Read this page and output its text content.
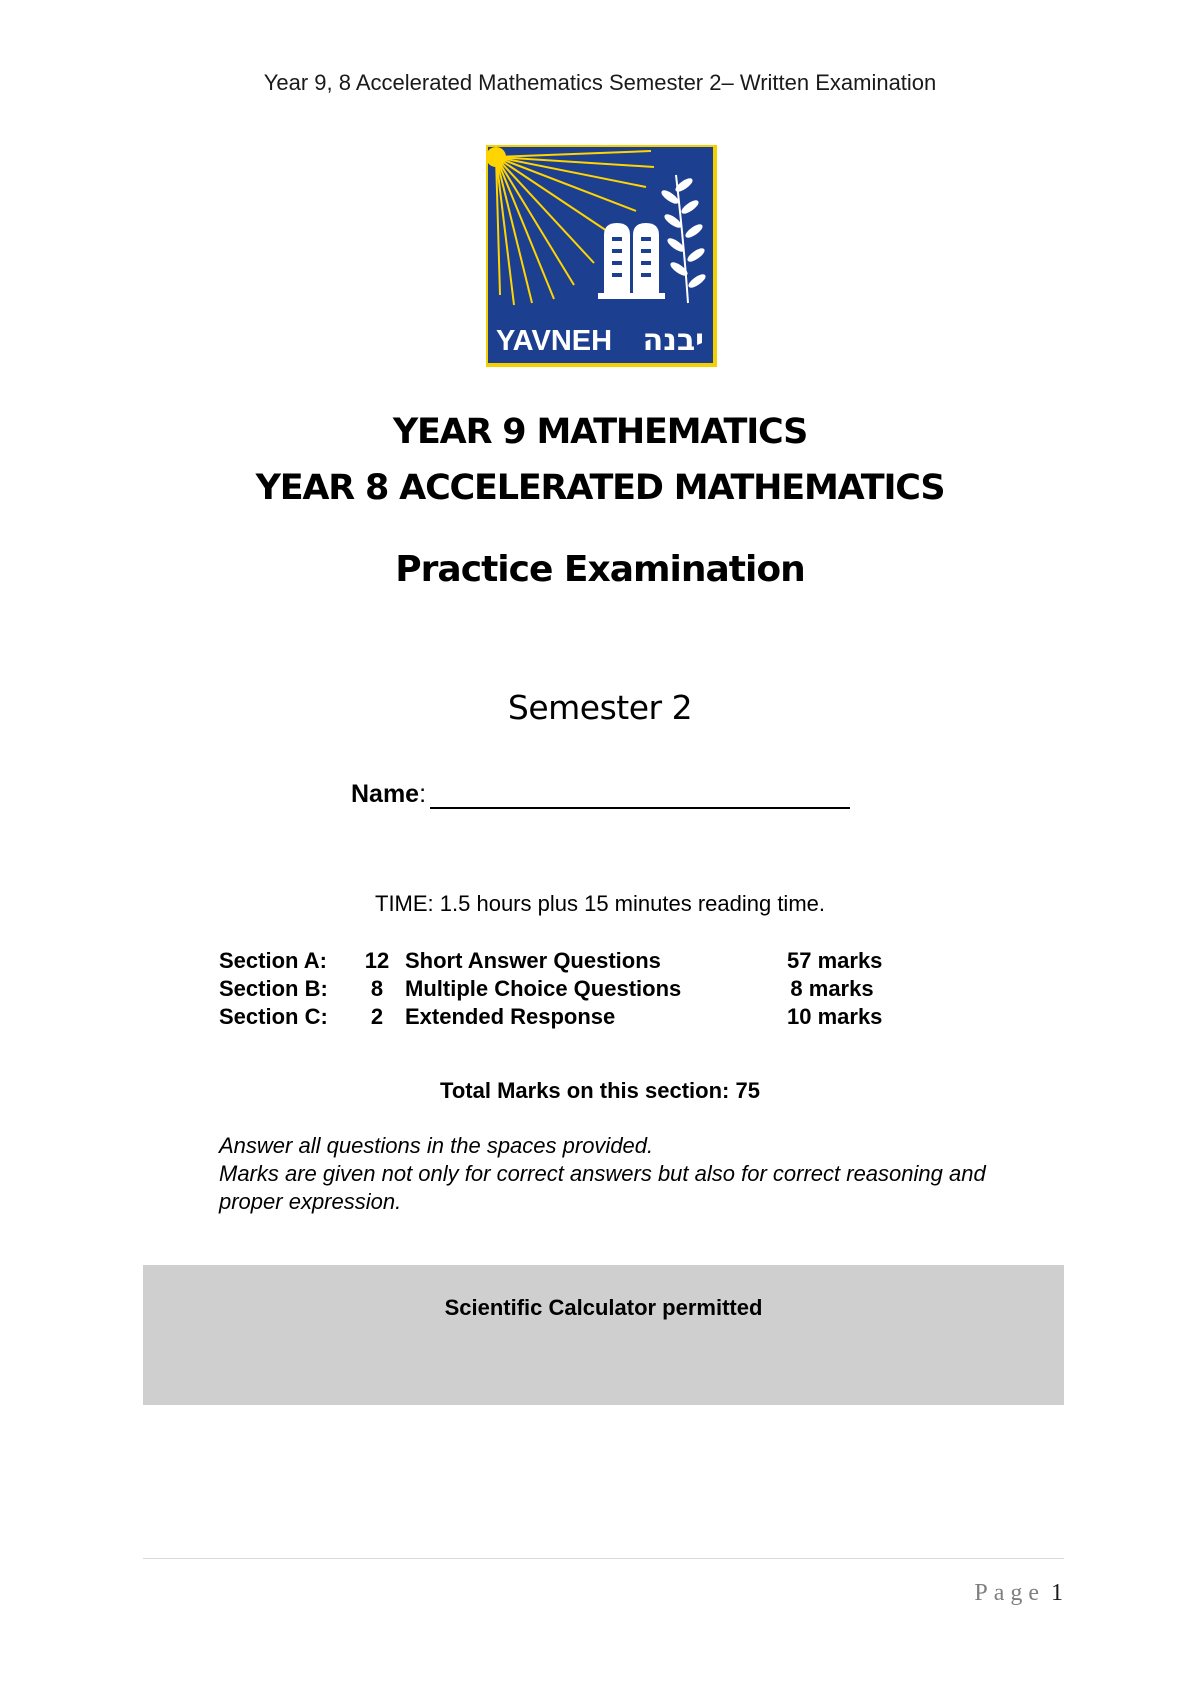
Year 9, 8 Accelerated Mathematics Semester 2– Written Examination
YAVNEH יבנה
YEAR 9 MATHEMATICS
YEAR 8 ACCELERATED MATHEMATICS
Practice Examination
Semester 2
Name :
TIME: 1.5 hours plus 15 minutes reading time.
Section A: 12 Short Answer Questions	57 marks
Section B:	8 Multiple Choice Questions	8 marks
Section C:	2 Extended Response	10 marks
Total Marks on this section: 75

Answer all questions in the spaces provided.

Marks are given not only for correct answers but also for correct reasoning and proper expression.

Scientific Calculator permitted
Page 1
